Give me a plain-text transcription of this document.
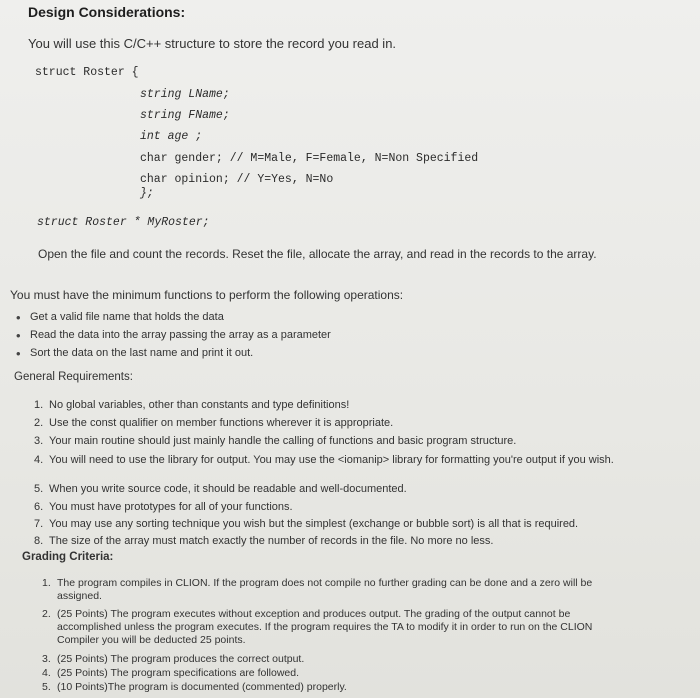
Design Considerations:
You will use this C/C++ structure to store the record you read in.
struct Roster {
string LName;
string FName;
int age ;
char gender; // M=Male, F=Female, N=Non Specified
char opinion; // Y=Yes, N=No
};
struct Roster * MyRoster;
Open the file and count the records. Reset the file, allocate the array, and read in the records to the array.
You must have the minimum functions to perform the following operations:
• Get a valid file name that holds the data
• Read the data into the array passing the array as a parameter
• Sort the data on the last name and print it out.
General Requirements:
1. No global variables, other than constants and type definitions!
2. Use the const qualifier on member functions wherever it is appropriate.
3. Your main routine should just mainly handle the calling of functions and basic program structure.
4. You will need to use the library for output. You may use the <iomanip> library for formatting you're output if you wish.
5. When you write source code, it should be readable and well-documented.
6. You must have prototypes for all of your functions.
7. You may use any sorting technique you wish but the simplest (exchange or bubble sort) is all that is required.
8. The size of the array must match exactly the number of records in the file. No more no less.
Grading Criteria:
1. The program compiles in CLION. If the program does not compile no further grading can be done and a zero will be assigned.
2. (25 Points) The program executes without exception and produces output. The grading of the output cannot be accomplished unless the program executes. If the program requires the TA to modify it in order to run on the CLION Compiler you will be deducted 25 points.
3. (25 Points) The program produces the correct output.
4. (25 Points) The program specifications are followed.
5. (10 Points)The program is documented (commented) properly.
